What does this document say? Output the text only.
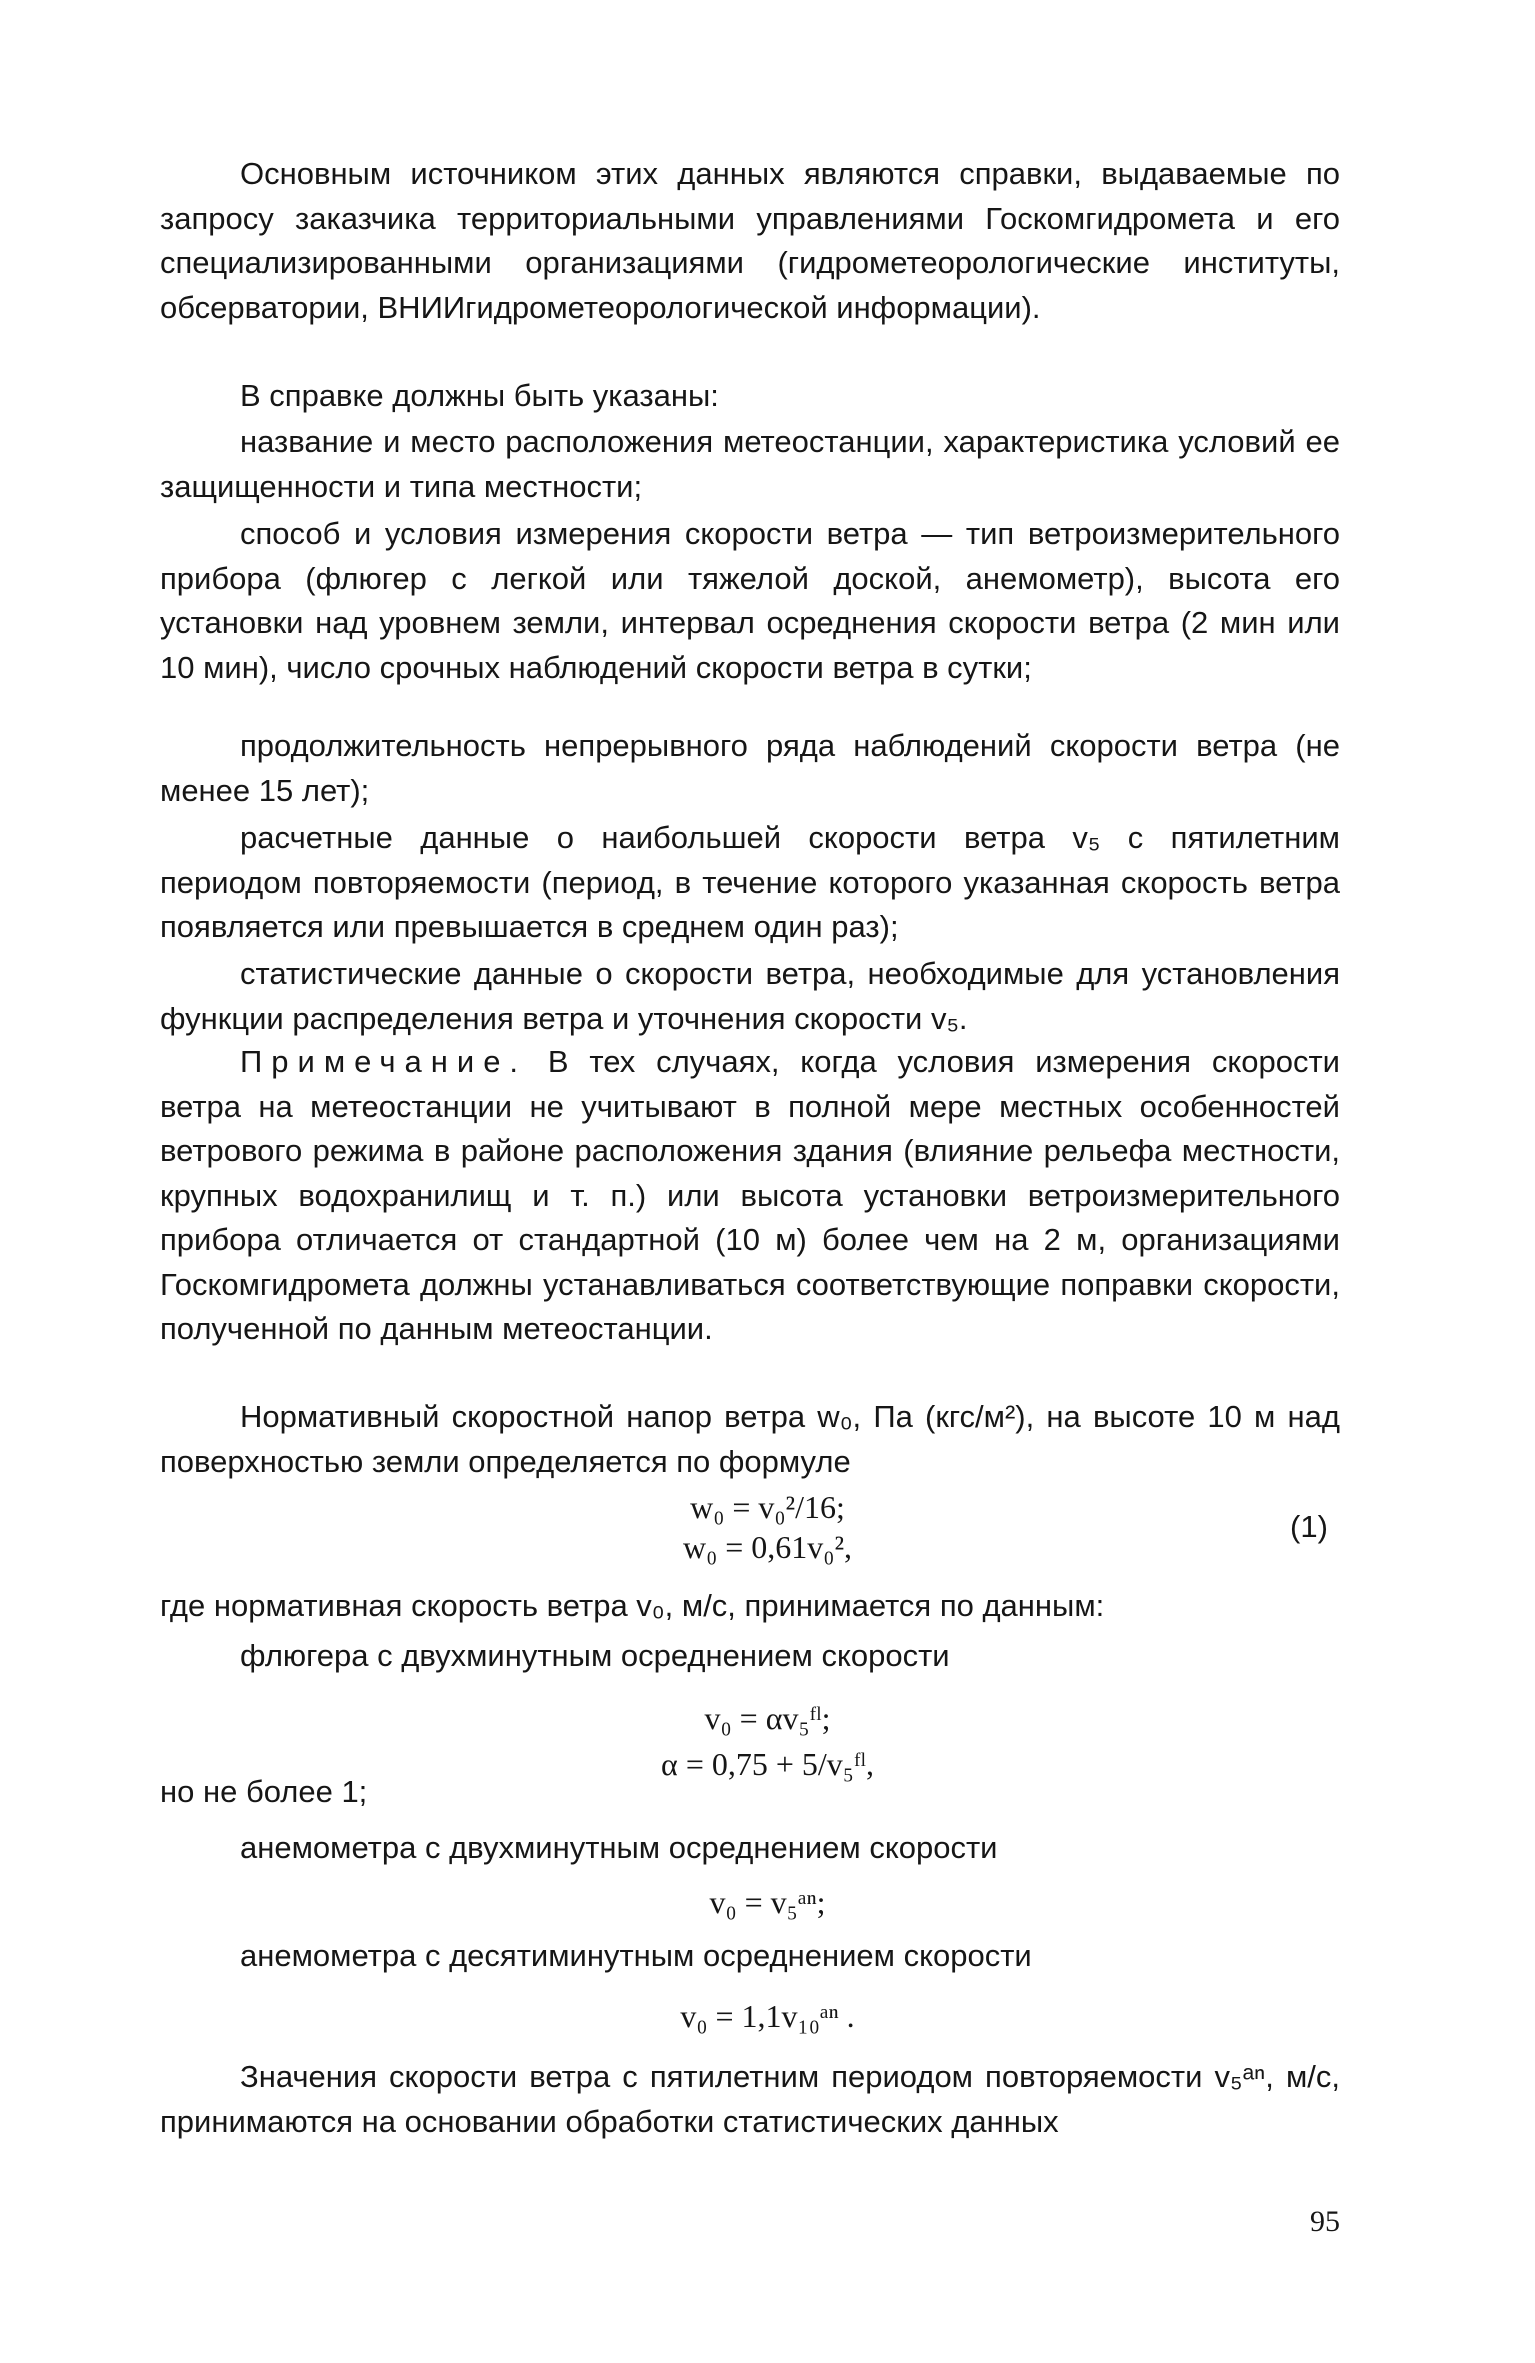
Основным источником этих данных являются справки, выдаваемые по запросу заказчика территориальными управлениями Госкомгидромета и его специализированными организациями (гидрометеорологические институты, обсерватории, ВНИИгидрометеорологической информации).

В справке должны быть указаны:

название и место расположения метеостанции, характеристика условий ее защищенности и типа местности;

способ и условия измерения скорости ветра — тип ветроизмерительного прибора (флюгер с легкой или тяжелой доской, анемометр), высота его установки над уровнем земли, интервал осреднения скорости ветра (2 мин или 10 мин), число срочных наблюдений скорости ветра в сутки;

продолжительность непрерывного ряда наблюдений скорости ветра (не менее 15 лет);

расчетные данные о наибольшей скорости ветра v₅ с пятилетним периодом повторяемости (период, в течение которого указанная скорость ветра появляется или превышается в среднем один раз);

статистические данные о скорости ветра, необходимые для установления функции распределения ветра и уточнения скорости v₅.

Примечание. В тех случаях, когда условия измерения скорости ветра на метеостанции не учитывают в полной мере местных особенностей ветрового режима в районе расположения здания (влияние рельефа местности, крупных водохранилищ и т. п.) или высота установки ветроизмерительного прибора отличается от стандартной (10 м) более чем на 2 м, организациями Госкомгидромета должны устанавливаться соответствующие поправки скорости, полученной по данным метеостанции.

Нормативный скоростной напор ветра w₀, Па (кгс/м²), на высоте 10 м над поверхностью земли определяется по формуле

w₀ = v₀²/16;

w₀ = 0,61v₀²,

(1)

где нормативная скорость ветра v₀, м/с, принимается по данным:

флюгера с двухминутным осреднением скорости

v₀ = αv₅ᶠˡ;

α = 0,75 + 5/v₅ᶠˡ,

но не более 1;

анемометра с двухминутным осреднением скорости

v₀ = v₅ᵃⁿ;

анемометра с десятиминутным осреднением скорости

v₀ = 1,1v₁₀ᵃⁿ .

Значения скорости ветра с пятилетним периодом повторяемости v₅ᵃⁿ, м/с, принимаются на основании обработки статистических данных

95
